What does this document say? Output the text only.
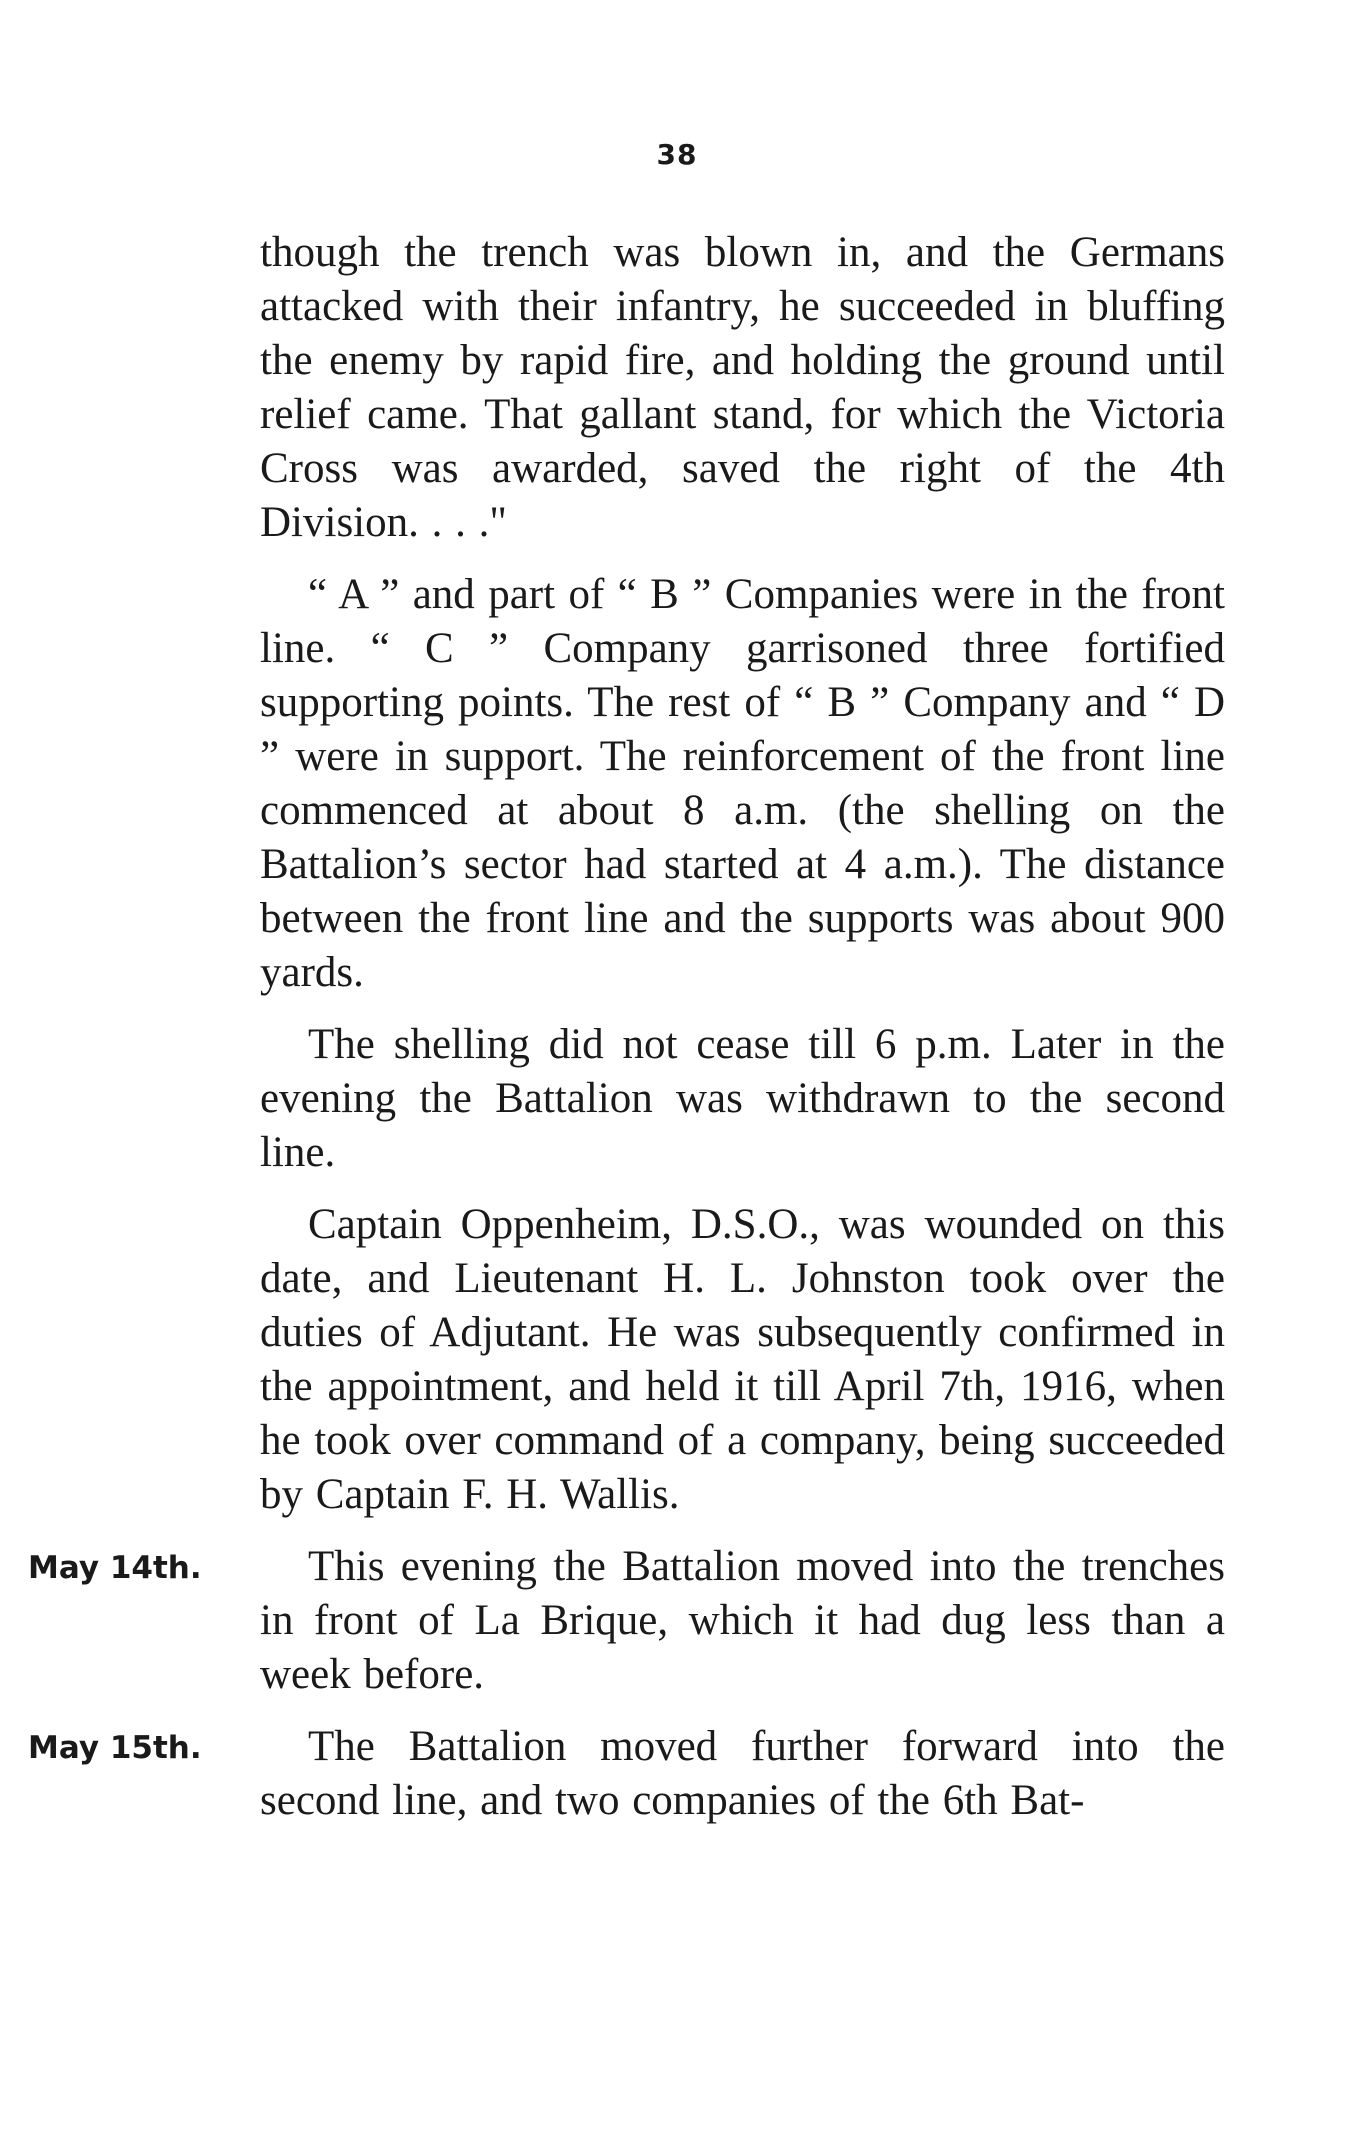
38

though the trench was blown in, and the Germans attacked with their infantry, he succeeded in bluffing the enemy by rapid fire, and holding the ground until relief came. That gallant stand, for which the Victoria Cross was awarded, saved the right of the 4th Division. . . ."

“ A ” and part of “ B ” Companies were in the front line. “ C ” Company garrisoned three fortified supporting points. The rest of “ B ” Company and “ D ” were in support. The reinforcement of the front line commenced at about 8 a.m. (the shelling on the Battalion’s sector had started at 4 a.m.). The distance between the front line and the supports was about 900 yards.

The shelling did not cease till 6 p.m. Later in the evening the Battalion was withdrawn to the second line.

Captain Oppenheim, D.S.O., was wounded on this date, and Lieutenant H. L. Johnston took over the duties of Adjutant. He was subsequently confirmed in the appointment, and held it till April 7th, 1916, when he took over command of a company, being succeeded by Captain F. H. Wallis.

May 14th.	This evening the Battalion moved into the trenches in front of La Brique, which it had dug less than a week before.

May 15th.	The Battalion moved further forward into the second line, and two companies of the 6th Bat-
